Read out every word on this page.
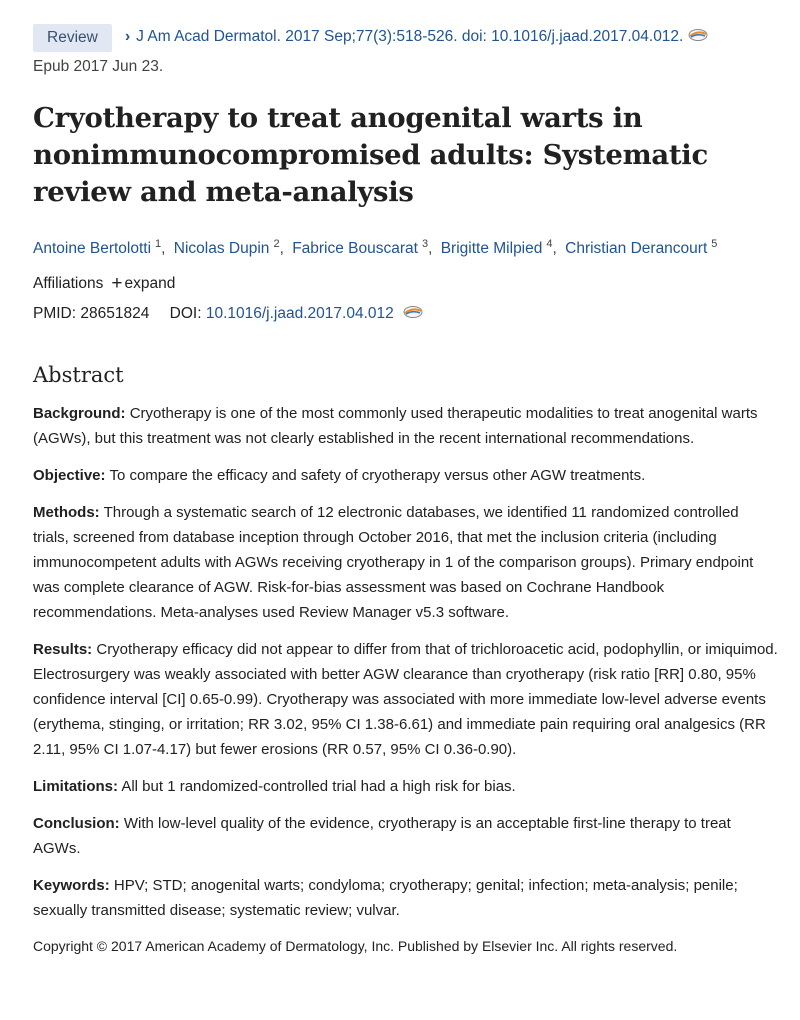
Review	› J Am Acad Dermatol. 2017 Sep;77(3):518-526. doi: 10.1016/j.jaad.2017.04.012.
Epub 2017 Jun 23.
Cryotherapy to treat anogenital warts in nonimmunocompromised adults: Systematic review and meta-analysis
Antoine Bertolotti $^1$, Nicolas Dupin $^2$, Fabrice Bouscarat $^3$, Brigitte Milpied $^4$, Christian Derancourt $^5$
Affiliations + expand
PMID: 28651824 DOI: 10.1016/j.jaad.2017.04.012
Abstract

Background: Cryotherapy is one of the most commonly used therapeutic modalities to treat anogenital warts (AGWs), but this treatment was not clearly established in the recent international recommendations.

Objective: To compare the efficacy and safety of cryotherapy versus other AGW treatments.

Methods: Through a systematic search of 12 electronic databases, we identified 11 randomized controlled trials, screened from database inception through October 2016, that met the inclusion criteria (including immunocompetent adults with AGWs receiving cryotherapy in 1 of the comparison groups). Primary endpoint was complete clearance of AGW. Risk-for-bias assessment was based on Cochrane Handbook recommendations. Meta-analyses used Review Manager v5.3 software.

Results: Cryotherapy efficacy did not appear to differ from that of trichloroacetic acid, podophyllin, or imiquimod. Electrosurgery was weakly associated with better AGW clearance than cryotherapy (risk ratio [RR] 0.80, 95% confidence interval [CI] 0.65-0.99). Cryotherapy was associated with more immediate low-level adverse events (erythema, stinging, or irritation; RR 3.02, 95% CI 1.38-6.61) and immediate pain requiring oral analgesics (RR 2.11, 95% CI 1.07-4.17) but fewer erosions (RR 0.57, 95% CI 0.36-0.90).

Limitations: All but 1 randomized-controlled trial had a high risk for bias.

Conclusion: With low-level quality of the evidence, cryotherapy is an acceptable first-line therapy to treat AGWs.

Keywords: HPV; STD; anogenital warts; condyloma; cryotherapy; genital; infection; meta-analysis; penile; sexually transmitted disease; systematic review; vulvar.

Copyright © 2017 American Academy of Dermatology, Inc. Published by Elsevier Inc. All rights reserved.
